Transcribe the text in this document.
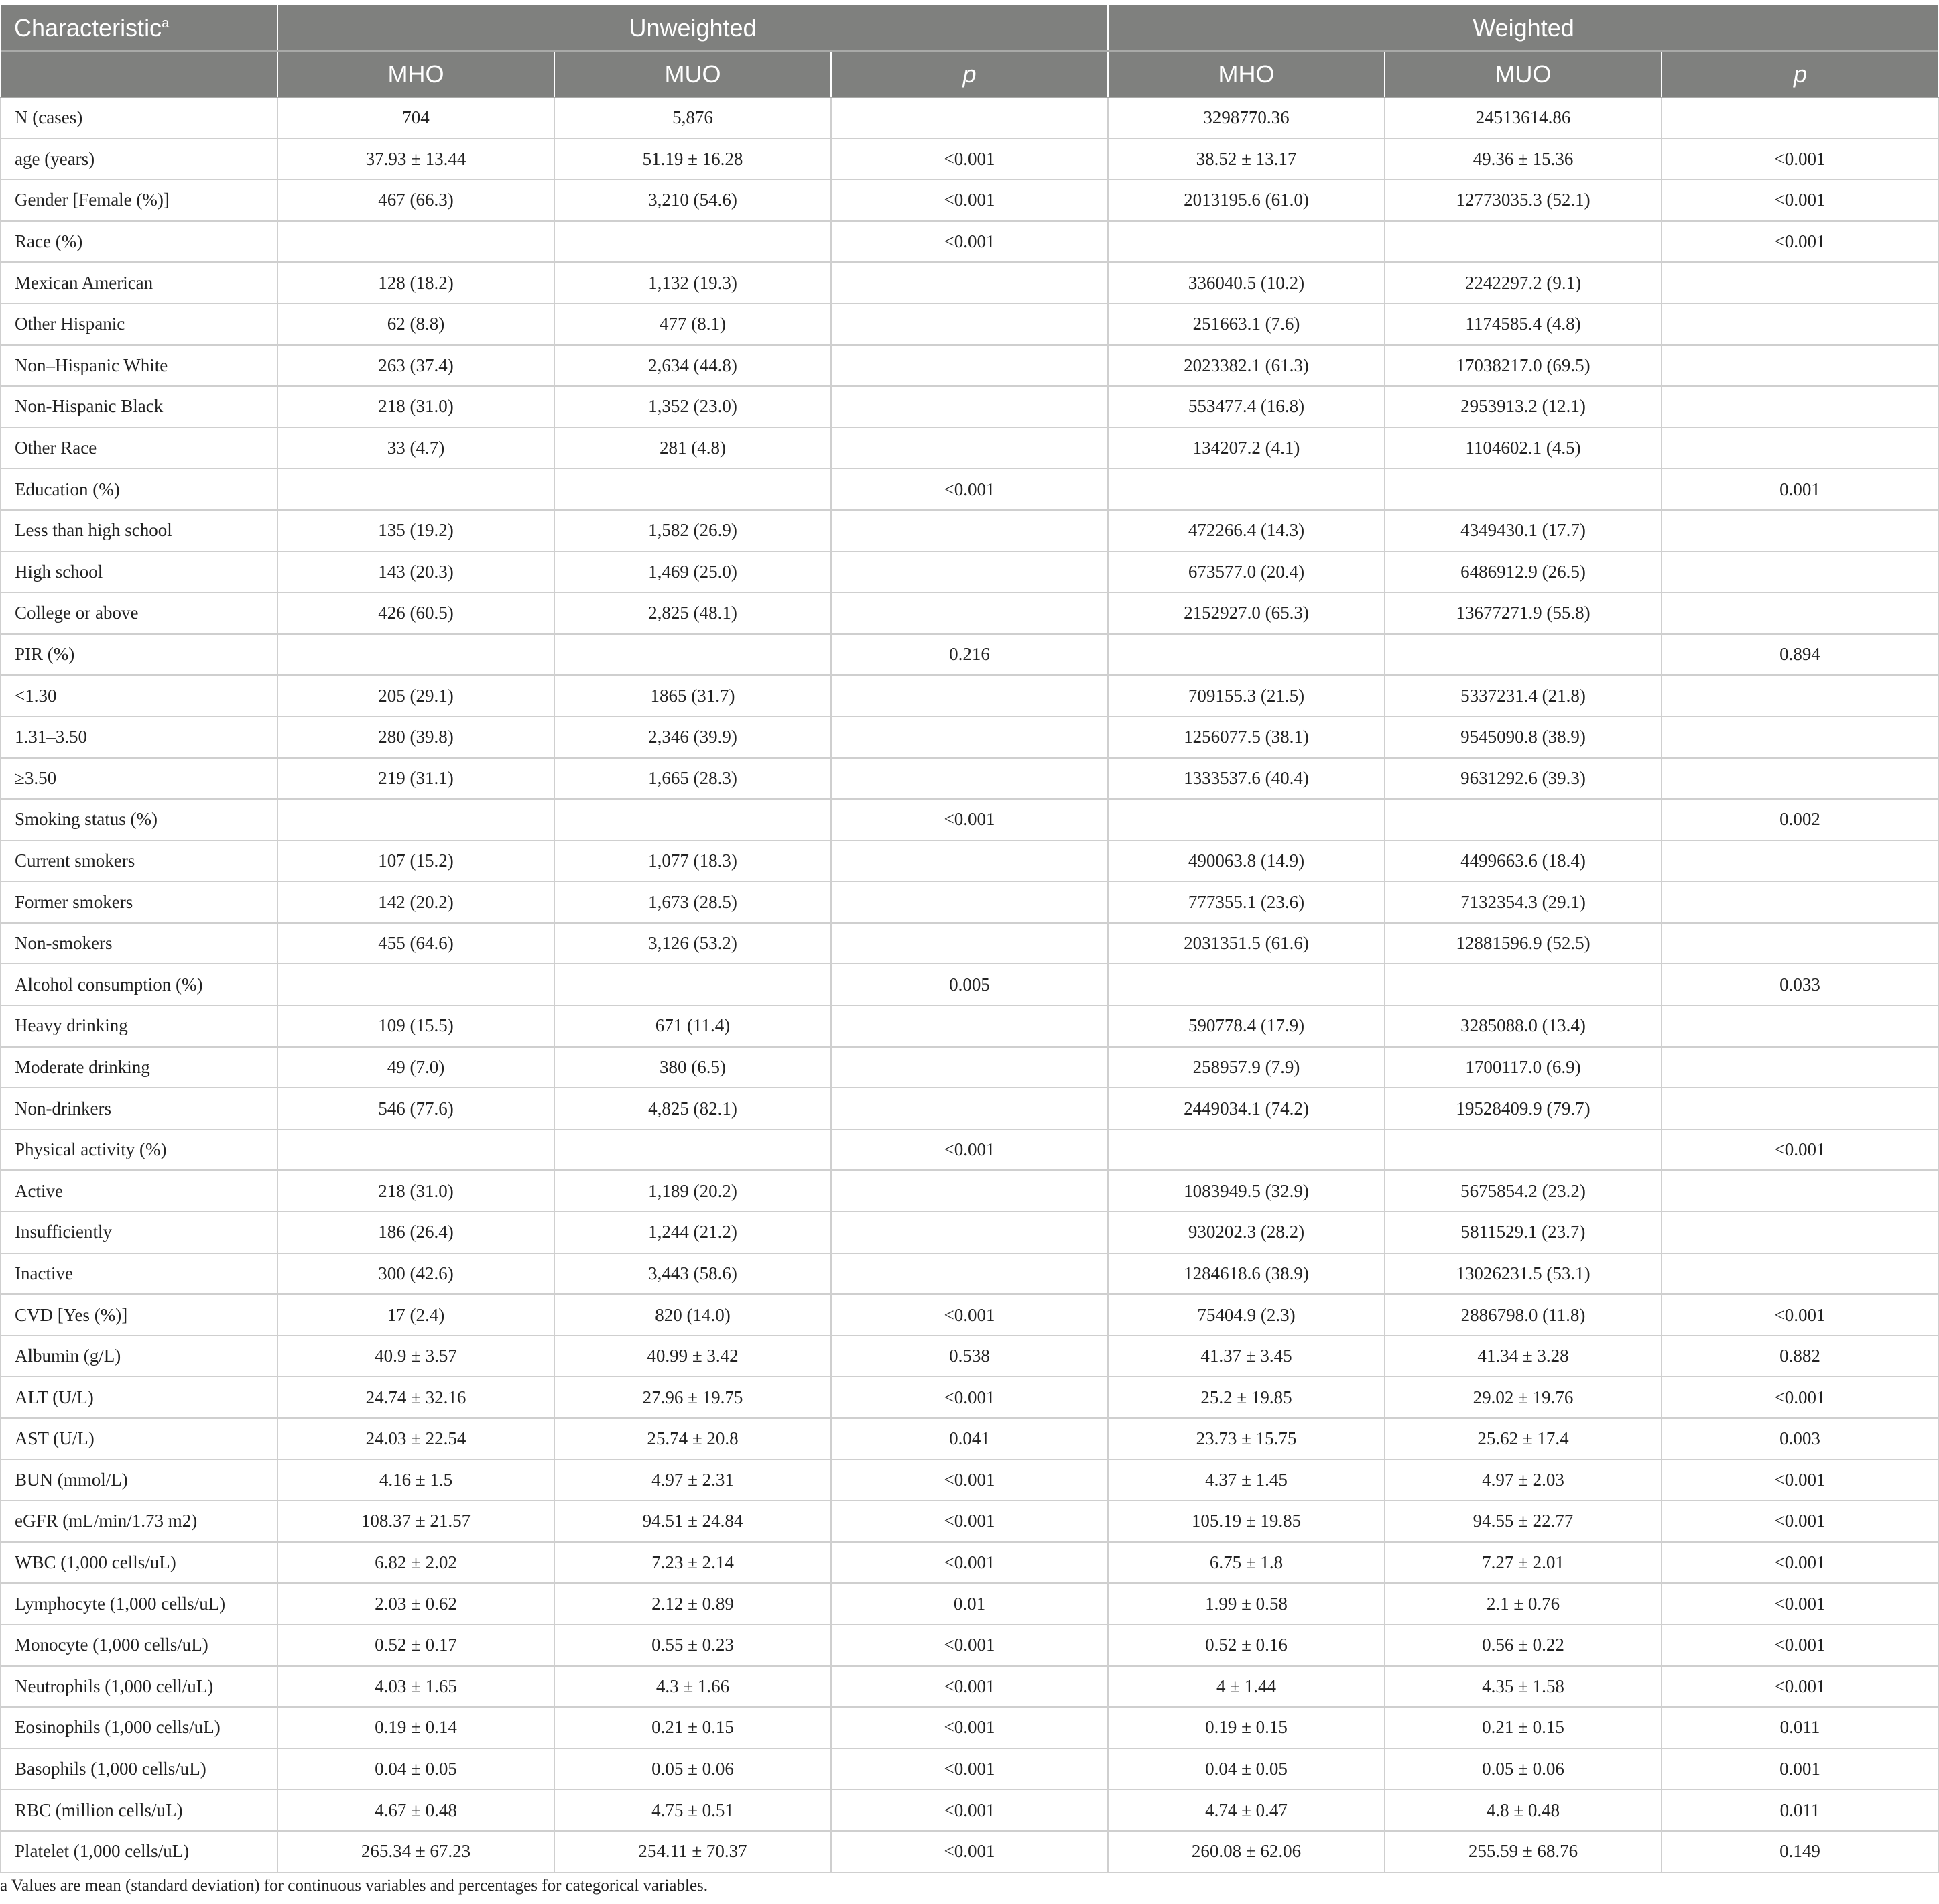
Characteristic$^a$	Unweighted			Weighted		
	MHO	MUO	p	MHO	MUO	p
N (cases)	704	5,876		3298770.36	24513614.86	
age (years)	37.93 ± 13.44	51.19 ± 16.28	<0.001	38.52 ± 13.17	49.36 ± 15.36	<0.001
Gender [Female (%)]	467 (66.3)	3,210 (54.6)	<0.001	2013195.6 (61.0)	12773035.3 (52.1)	<0.001
Race (%)			<0.001			<0.001
Mexican American	128 (18.2)	1,132 (19.3)		336040.5 (10.2)	2242297.2 (9.1)	
Other Hispanic	62 (8.8)	477 (8.1)		251663.1 (7.6)	1174585.4 (4.8)	
Non–Hispanic White	263 (37.4)	2,634 (44.8)		2023382.1 (61.3)	17038217.0 (69.5)	
Non-Hispanic Black	218 (31.0)	1,352 (23.0)		553477.4 (16.8)	2953913.2 (12.1)	
Other Race	33 (4.7)	281 (4.8)		134207.2 (4.1)	1104602.1 (4.5)	
Education (%)			<0.001			0.001
Less than high school	135 (19.2)	1,582 (26.9)		472266.4 (14.3)	4349430.1 (17.7)	
High school	143 (20.3)	1,469 (25.0)		673577.0 (20.4)	6486912.9 (26.5)	
College or above	426 (60.5)	2,825 (48.1)		2152927.0 (65.3)	13677271.9 (55.8)	
PIR (%)			0.216			0.894
<1.30	205 (29.1)	1865 (31.7)		709155.3 (21.5)	5337231.4 (21.8)	
1.31–3.50	280 (39.8)	2,346 (39.9)		1256077.5 (38.1)	9545090.8 (38.9)	
≥3.50	219 (31.1)	1,665 (28.3)		1333537.6 (40.4)	9631292.6 (39.3)	
Smoking status (%)			<0.001			0.002
Current smokers	107 (15.2)	1,077 (18.3)		490063.8 (14.9)	4499663.6 (18.4)	
Former smokers	142 (20.2)	1,673 (28.5)		777355.1 (23.6)	7132354.3 (29.1)	
Non-smokers	455 (64.6)	3,126 (53.2)		2031351.5 (61.6)	12881596.9 (52.5)	
Alcohol consumption (%)			0.005			0.033
Heavy drinking	109 (15.5)	671 (11.4)		590778.4 (17.9)	3285088.0 (13.4)	
Moderate drinking	49 (7.0)	380 (6.5)		258957.9 (7.9)	1700117.0 (6.9)	
Non-drinkers	546 (77.6)	4,825 (82.1)		2449034.1 (74.2)	19528409.9 (79.7)	
Physical activity (%)			<0.001			<0.001
Active	218 (31.0)	1,189 (20.2)		1083949.5 (32.9)	5675854.2 (23.2)	
Insufficiently	186 (26.4)	1,244 (21.2)		930202.3 (28.2)	5811529.1 (23.7)	
Inactive	300 (42.6)	3,443 (58.6)		1284618.6 (38.9)	13026231.5 (53.1)	
CVD [Yes (%)]	17 (2.4)	820 (14.0)	<0.001	75404.9 (2.3)	2886798.0 (11.8)	<0.001
Albumin (g/L)	40.9 ± 3.57	40.99 ± 3.42	0.538	41.37 ± 3.45	41.34 ± 3.28	0.882
ALT (U/L)	24.74 ± 32.16	27.96 ± 19.75	<0.001	25.2 ± 19.85	29.02 ± 19.76	<0.001
AST (U/L)	24.03 ± 22.54	25.74 ± 20.8	0.041	23.73 ± 15.75	25.62 ± 17.4	0.003
BUN (mmol/L)	4.16 ± 1.5	4.97 ± 2.31	<0.001	4.37 ± 1.45	4.97 ± 2.03	<0.001
eGFR (mL/min/1.73 m2)	108.37 ± 21.57	94.51 ± 24.84	<0.001	105.19 ± 19.85	94.55 ± 22.77	<0.001
WBC (1,000 cells/uL)	6.82 ± 2.02	7.23 ± 2.14	<0.001	6.75 ± 1.8	7.27 ± 2.01	<0.001
Lymphocyte (1,000 cells/uL)	2.03 ± 0.62	2.12 ± 0.89	0.01	1.99 ± 0.58	2.1 ± 0.76	<0.001
Monocyte (1,000 cells/uL)	0.52 ± 0.17	0.55 ± 0.23	<0.001	0.52 ± 0.16	0.56 ± 0.22	<0.001
Neutrophils (1,000 cell/uL)	4.03 ± 1.65	4.3 ± 1.66	<0.001	4 ± 1.44	4.35 ± 1.58	<0.001
Eosinophils (1,000 cells/uL)	0.19 ± 0.14	0.21 ± 0.15	<0.001	0.19 ± 0.15	0.21 ± 0.15	0.011
Basophils (1,000 cells/uL)	0.04 ± 0.05	0.05 ± 0.06	<0.001	0.04 ± 0.05	0.05 ± 0.06	0.001
RBC (million cells/uL)	4.67 ± 0.48	4.75 ± 0.51	<0.001	4.74 ± 0.47	4.8 ± 0.48	0.011
Platelet (1,000 cells/uL)	265.34 ± 67.23	254.11 ± 70.37	<0.001	260.08 ± 62.06	255.59 ± 68.76	0.149
a Values are mean (standard deviation) for continuous variables and percentages for categorical variables.
